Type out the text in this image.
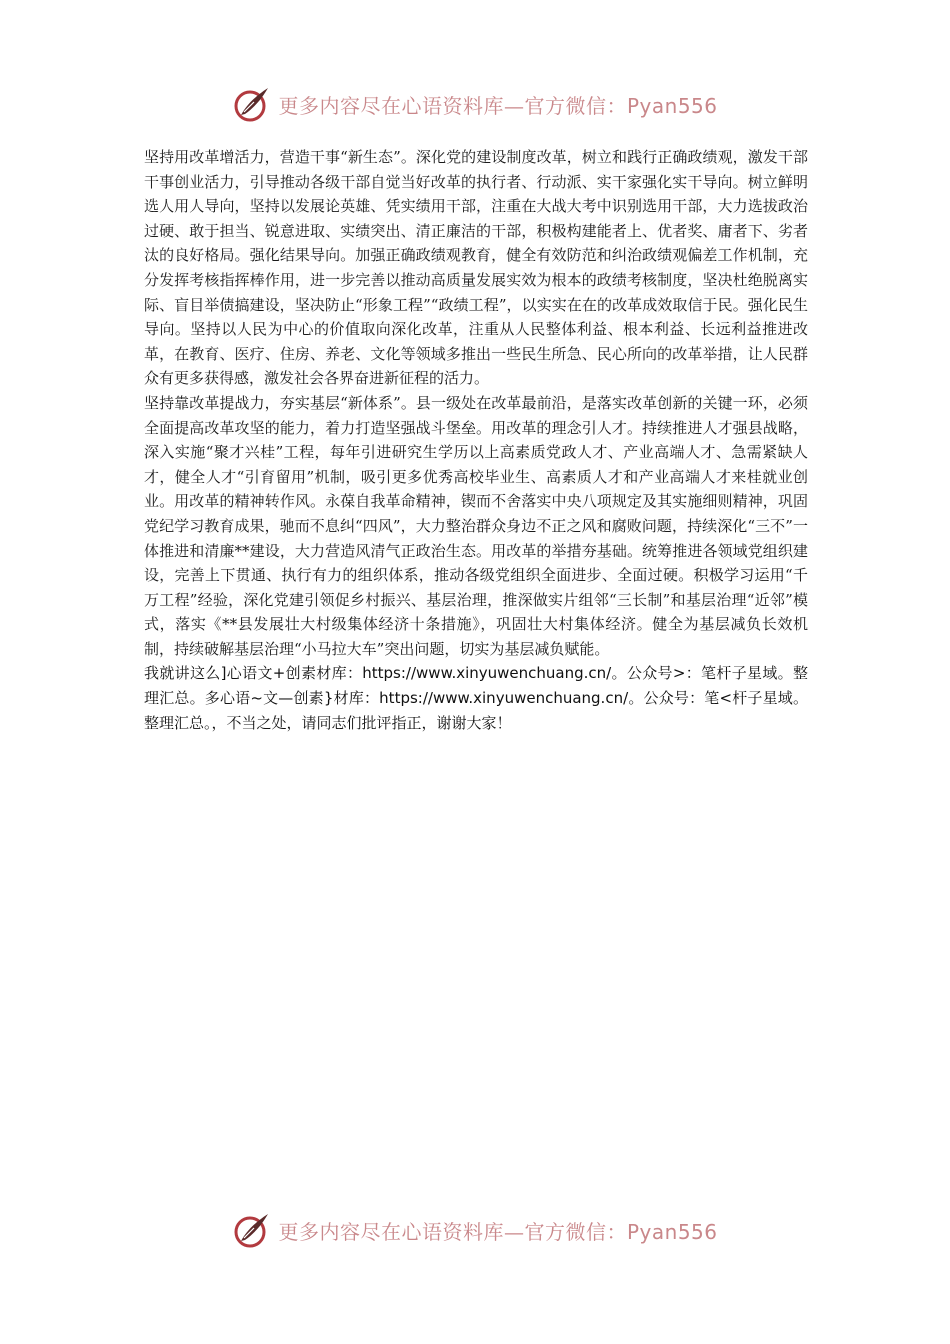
更多内容尽在心语资料库—官方微信：Pyan556

坚持用改革增活力，营造干事“新生态”。深化党的建设制度改革，树立和践行正确政绩观，激发干部干事创业活力，引导推动各级干部自觉当好改革的执行者、行动派、实干家强化实干导向。树立鲜明选人用人导向，坚持以发展论英雄、凭实绩用干部，注重在大战大考中识别选用干部，大力选拔政治过硬、敢于担当、锐意进取、实绩突出、清正廉洁的干部，积极构建能者上、优者奖、庸者下、劣者汰的良好格局。强化结果导向。加强正确政绩观教育，健全有效防范和纠治政绩观偏差工作机制，充分发挥考核指挥棒作用，进一步完善以推动高质量发展实效为根本的政绩考核制度，坚决杜绝脱离实际、盲目举债搞建设，坚决防止“形象工程”“政绩工程”，以实实在在的改革成效取信于民。强化民生导向。坚持以人民为中心的价值取向深化改革，注重从人民整体利益、根本利益、长远利益推进改革，在教育、医疗、住房、养老、文化等领域多推出一些民生所急、民心所向的改革举措，让人民群众有更多获得感，激发社会各界奋进新征程的活力。

坚持靠改革提战力，夯实基层“新体系”。县一级处在改革最前沿，是落实改革创新的关键一环，必须全面提高改革攻坚的能力，着力打造坚强战斗堡垒。用改革的理念引人才。持续推进人才强县战略，深入实施“聚才兴桂”工程，每年引进研究生学历以上高素质党政人才、产业高端人才、急需紧缺人才，健全人才“引育留用”机制，吸引更多优秀高校毕业生、高素质人才和产业高端人才来桂就业创业。用改革的精神转作风。永葆自我革命精神，锲而不舍落实中央八项规定及其实施细则精神，巩固党纪学习教育成果，驰而不息纠“四风”，大力整治群众身边不正之风和腐败问题，持续深化“三不”一体推进和清廉**建设，大力营造风清气正政治生态。用改革的举措夯基础。统筹推进各领域党组织建设，完善上下贯通、执行有力的组织体系，推动各级党组织全面进步、全面过硬。积极学习运用“千万工程”经验，深化党建引领促乡村振兴、基层治理，推深做实片组邻“三长制”和基层治理“近邻”模式，落实《**县发展壮大村级集体经济十条措施》，巩固壮大村集体经济。健全为基层减负长效机制，持续破解基层治理“小马拉大车”突出问题，切实为基层减负赋能。

我就讲这么]心语文+创素材库：https://www.xinyuwenchuang.cn/。公众号>：笔杆子星域。整理汇总。多心语~文—创素}材库：https://www.xinyuwenchuang.cn/。公众号：笔<杆子星域。整理汇总。，不当之处，请同志们批评指正，谢谢大家！

更多内容尽在心语资料库—官方微信：Pyan556
